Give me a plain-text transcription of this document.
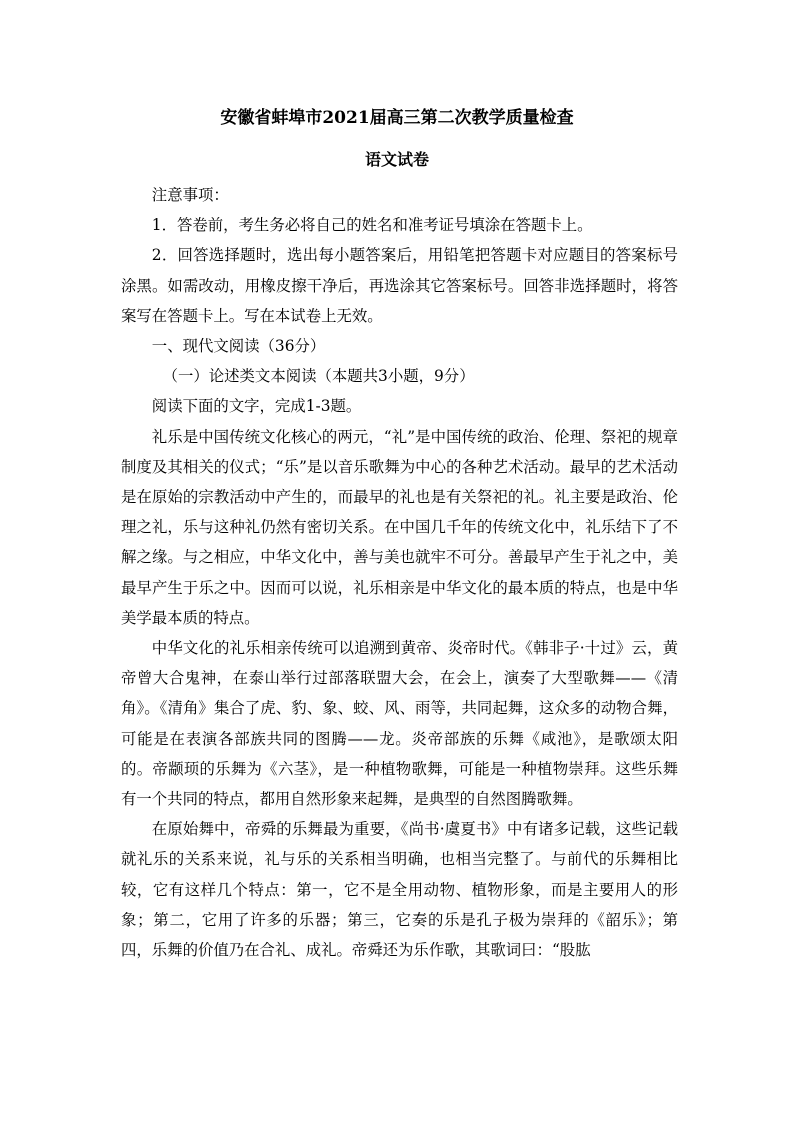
安徽省蚌埠市2021届高三第二次教学质量检查
语文试卷

注意事项：

1．答卷前，考生务必将自己的姓名和准考证号填涂在答题卡上。

2．回答选择题时，选出每小题答案后，用铅笔把答题卡对应题目的答案标号涂黑。如需改动，用橡皮擦干净后，再选涂其它答案标号。回答非选择题时，将答案写在答题卡上。写在本试卷上无效。

一、现代文阅读（36分）

（一）论述类文本阅读（本题共3小题，9分）

阅读下面的文字，完成1-3题。

礼乐是中国传统文化核心的两元，“礼”是中国传统的政治、伦理、祭祀的规章制度及其相关的仪式；“乐”是以音乐歌舞为中心的各种艺术活动。最早的艺术活动是在原始的宗教活动中产生的，而最早的礼也是有关祭祀的礼。礼主要是政治、伦理之礼，乐与这种礼仍然有密切关系。在中国几千年的传统文化中，礼乐结下了不解之缘。与之相应，中华文化中，善与美也就牢不可分。善最早产生于礼之中，美最早产生于乐之中。因而可以说，礼乐相亲是中华文化的最本质的特点，也是中华美学最本质的特点。

中华文化的礼乐相亲传统可以追溯到黄帝、炎帝时代。《韩非子·十过》云，黄帝曾大合鬼神，在泰山举行过部落联盟大会，在会上，演奏了大型歌舞——《清角》。《清角》集合了虎、豹、象、蛟、风、雨等，共同起舞，这众多的动物合舞，可能是在表演各部族共同的图腾——龙。炎帝部族的乐舞《咸池》，是歌颂太阳的。帝颛顼的乐舞为《六茎》，是一种植物歌舞，可能是一种植物崇拜。这些乐舞有一个共同的特点，都用自然形象来起舞，是典型的自然图腾歌舞。

在原始舞中，帝舜的乐舞最为重要，《尚书·虞夏书》中有诸多记载，这些记载就礼乐的关系来说，礼与乐的关系相当明确，也相当完整了。与前代的乐舞相比较，它有这样几个特点：第一，它不是全用动物、植物形象，而是主要用人的形象；第二，它用了许多的乐器；第三，它奏的乐是孔子极为崇拜的《韶乐》；第四，乐舞的价值乃在合礼、成礼。帝舜还为乐作歌，其歌词曰：“股肱
